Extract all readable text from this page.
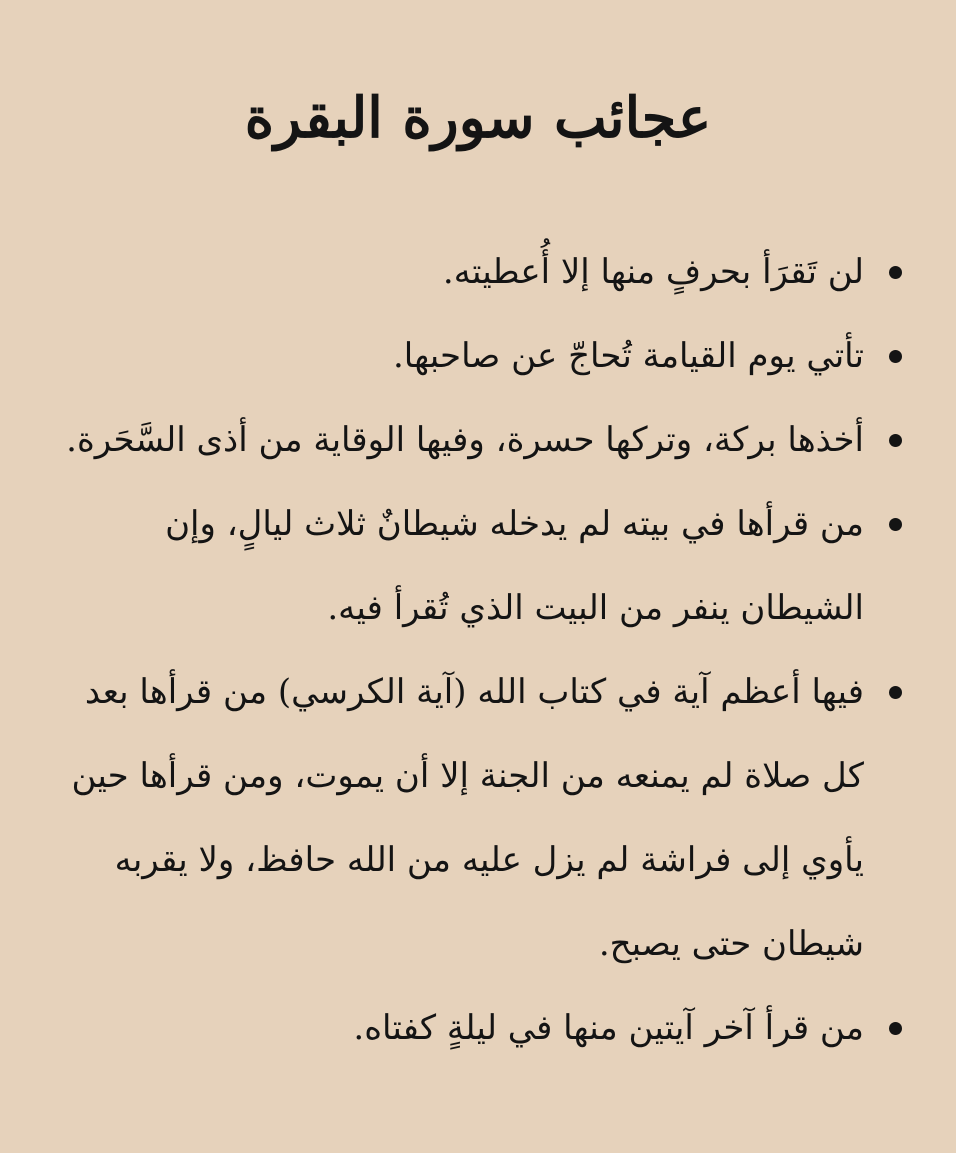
عجائب سورة البقرة
لن تَقرَأ بحرفٍ منها إلا أُعطيته.
تأتي يوم القيامة تُحاجّ عن صاحبها.
أخذها بركة، وتركها حسرة، وفيها الوقاية من أذى السَّحَرة.
من قرأها في بيته لم يدخله شيطانٌ ثلاث ليالٍ، وإن الشيطان ينفر من البيت الذي تُقرأ فيه.
فيها أعظم آية في كتاب الله (آية الكرسي) من قرأها بعد كل صلاة لم يمنعه من الجنة إلا أن يموت، ومن قرأها حين يأوي إلى فراشة لم يزل عليه من الله حافظ، ولا يقربه شيطان حتى يصبح.
من قرأ آخر آيتين منها في ليلةٍ كفتاه.
